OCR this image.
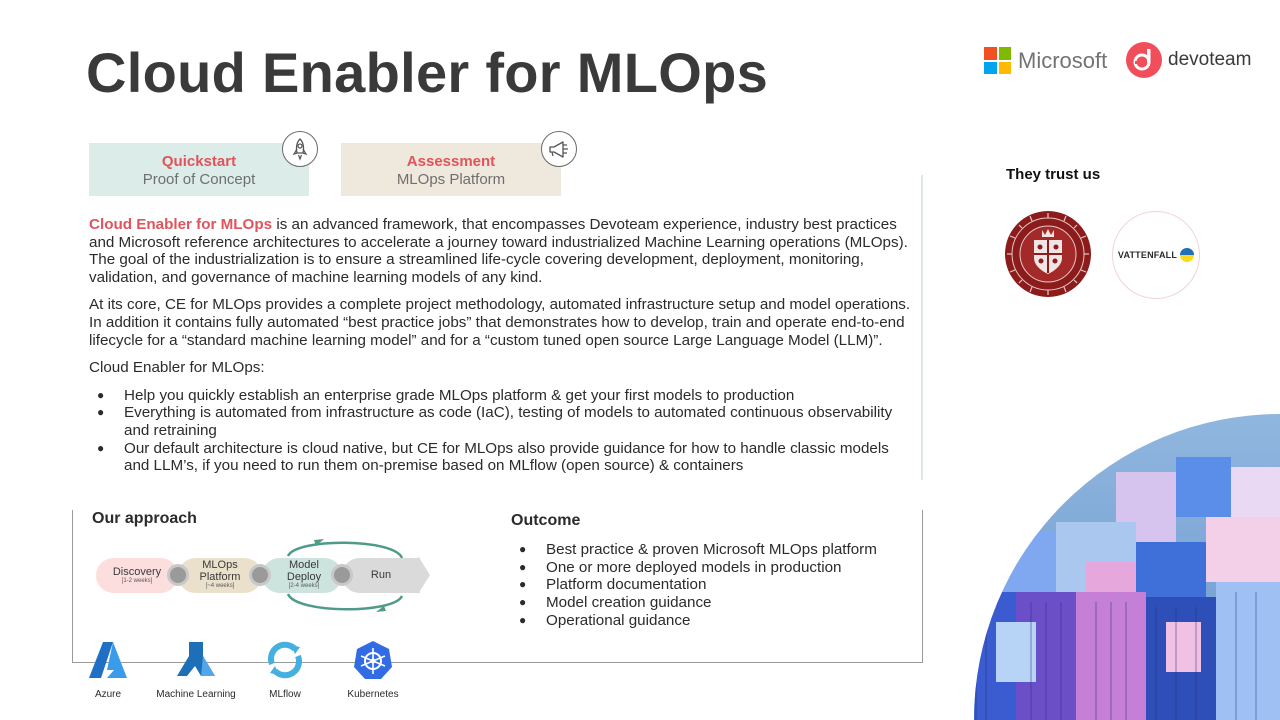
Cloud Enabler for MLOps	Microsoft	devoteam
Quickstart
Proof of Concept
Assessment
MLOps Platform

Cloud Enabler for MLOps is an advanced framework, that encompasses Devoteam experience, industry best practices and Microsoft reference architectures to accelerate a journey toward industrialized Machine Learning operations (MLOps). The goal of the industrialization is to ensure a streamlined life-cycle covering development, deployment, monitoring, validation, and governance of machine learning models of any kind.

At its core, CE for MLOps provides a complete project methodology, automated infrastructure setup and model operations. In addition it contains fully automated “best practice jobs” that demonstrates how to develop, train and operate end-to-end lifecycle for a “standard machine learning model” and for a “custom tuned open source Large Language Model (LLM)”.

Cloud Enabler for MLOps:

● Help you quickly establish an enterprise grade MLOps platform & get your first models to production
● Everything is automated from infrastructure as code (IaC), testing of models to automated continuous observability and retraining
● Our default architecture is cloud native, but CE for MLOps also provide guidance for how to handle classic models and LLM’s, if you need to run them on-premise based on MLflow (open source) & containers
Our approach
Discovery
[1-2 weeks]
MLOps Platform
[~4 weeks]
Model Deploy
[2-4 weeks]
Run
Outcome
● Best practice & proven Microsoft MLOps platform
● One or more deployed models in production
● Platform documentation
● Model creation guidance
● Operational guidance
Azure	Machine Learning	MLflow	Kubernetes
They trust us
VATTENFALL
